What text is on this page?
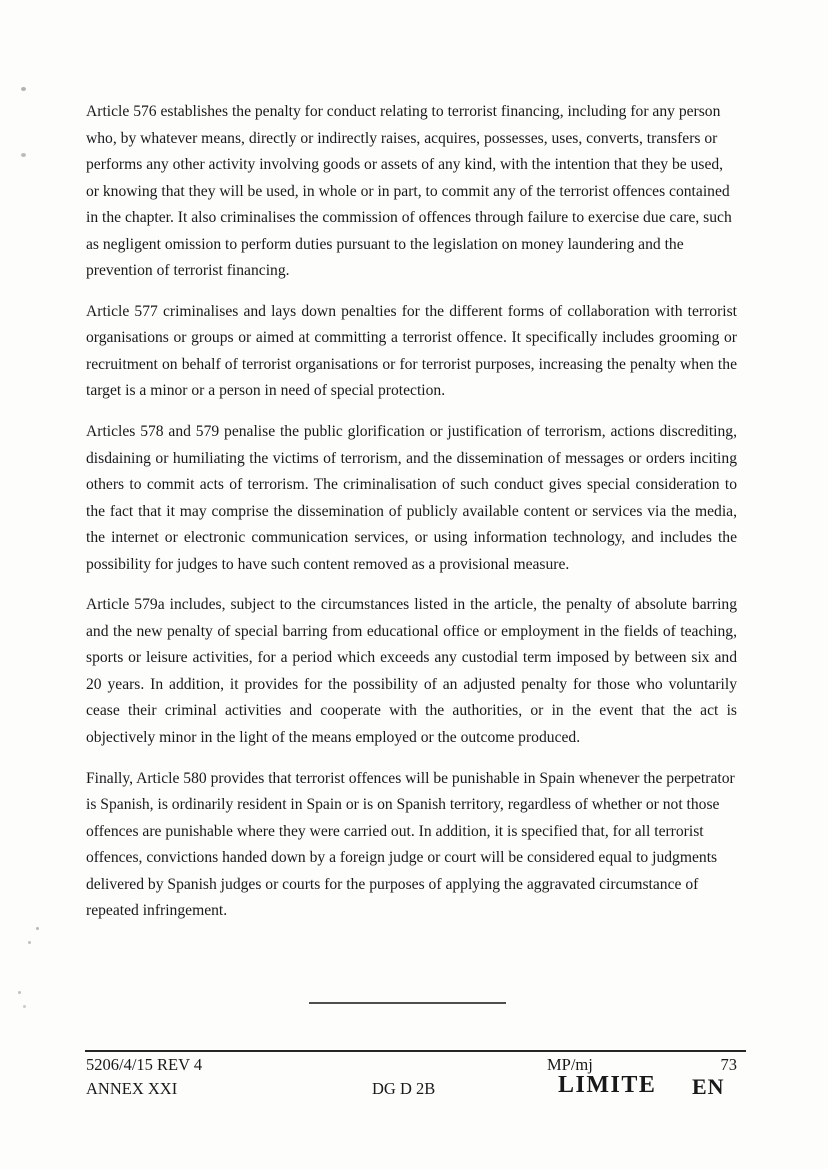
Article 576 establishes the penalty for conduct relating to terrorist financing, including for any person who, by whatever means, directly or indirectly raises, acquires, possesses, uses, converts, transfers or performs any other activity involving goods or assets of any kind, with the intention that they be used, or knowing that they will be used, in whole or in part, to commit any of the terrorist offences contained in the chapter. It also criminalises the commission of offences through failure to exercise due care, such as negligent omission to perform duties pursuant to the legislation on money laundering and the prevention of terrorist financing.

Article 577 criminalises and lays down penalties for the different forms of collaboration with terrorist organisations or groups or aimed at committing a terrorist offence. It specifically includes grooming or recruitment on behalf of terrorist organisations or for terrorist purposes, increasing the penalty when the target is a minor or a person in need of special protection.

Articles 578 and 579 penalise the public glorification or justification of terrorism, actions discrediting, disdaining or humiliating the victims of terrorism, and the dissemination of messages or orders inciting others to commit acts of terrorism. The criminalisation of such conduct gives special consideration to the fact that it may comprise the dissemination of publicly available content or services via the media, the internet or electronic communication services, or using information technology, and includes the possibility for judges to have such content removed as a provisional measure.

Article 579a includes, subject to the circumstances listed in the article, the penalty of absolute barring and the new penalty of special barring from educational office or employment in the fields of teaching, sports or leisure activities, for a period which exceeds any custodial term imposed by between six and 20 years. In addition, it provides for the possibility of an adjusted penalty for those who voluntarily cease their criminal activities and cooperate with the authorities, or in the event that the act is objectively minor in the light of the means employed or the outcome produced.

Finally, Article 580 provides that terrorist offences will be punishable in Spain whenever the perpetrator is Spanish, is ordinarily resident in Spain or is on Spanish territory, regardless of whether or not those offences are punishable where they were carried out. In addition, it is specified that, for all terrorist offences, convictions handed down by a foreign judge or court will be considered equal to judgments delivered by Spanish judges or courts for the purposes of applying the aggravated circumstance of repeated infringement.

5206/4/15 REV 4
ANNEX XXI	DG D 2B
MP/mj	73
LIMITE EN
